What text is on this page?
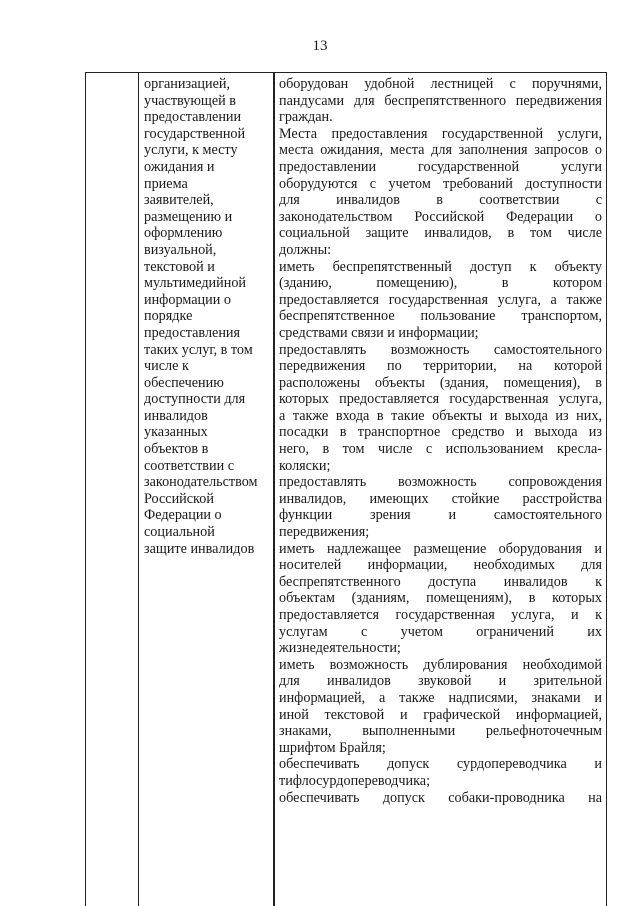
13
организацией,
участвующей в
предоставлении
государственной
услуги, к месту
ожидания и
приема
заявителей,
размещению и
оформлению
визуальной,
текстовой и
мультимедийной
информации о
порядке
предоставления
таких услуг, в том
числе к
обеспечению
доступности для
инвалидов
указанных
объектов в
соответствии с
законодательством
Российской
Федерации о
социальной
защите инвалидов
оборудован удобной лестницей с поручнями,
пандусами для беспрепятственного передвижения
граждан.
Места предоставления государственной услуги,
места ожидания, места для заполнения запросов о
предоставлении государственной услуги
оборудуются с учетом требований доступности
для инвалидов в соответствии с
законодательством Российской Федерации о
социальной защите инвалидов, в том числе
должны:
иметь беспрепятственный доступ к объекту
(зданию, помещению), в котором
предоставляется государственная услуга, а также
беспрепятственное пользование транспортом,
средствами связи и информации;
предоставлять возможность самостоятельного
передвижения по территории, на которой
расположены объекты (здания, помещения), в
которых предоставляется государственная услуга,
а также входа в такие объекты и выхода из них,
посадки в транспортное средство и выхода из
него, в том числе с использованием кресла-
коляски;
предоставлять возможность сопровождения
инвалидов, имеющих стойкие расстройства
функции зрения и самостоятельного
передвижения;
иметь надлежащее размещение оборудования и
носителей информации, необходимых для
беспрепятственного доступа инвалидов к
объектам (зданиям, помещениям), в которых
предоставляется государственная услуга, и к
услугам с учетом ограничений их
жизнедеятельности;
иметь возможность дублирования необходимой
для инвалидов звуковой и зрительной
информацией, а также надписями, знаками и
иной текстовой и графической информацией,
знаками, выполненными рельефноточечным
шрифтом Брайля;
обеспечивать допуск сурдопереводчика и
тифлосурдопереводчика;
обеспечивать допуск собаки-проводника на
